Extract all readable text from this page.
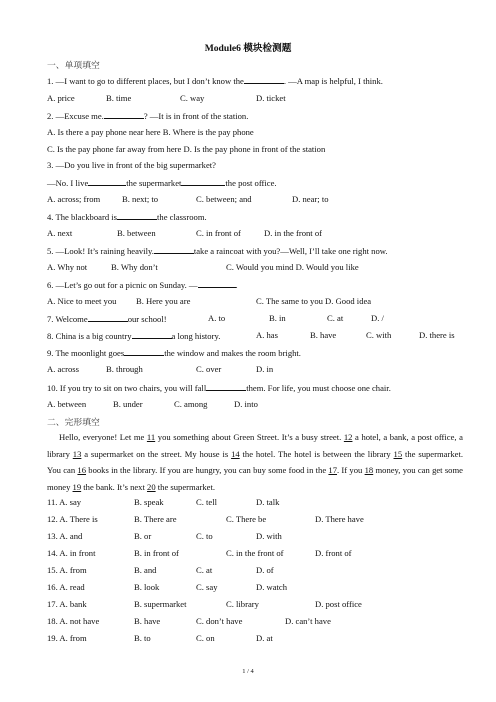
Module6 模块检测题
一、单项填空
1. —I want to go to different places, but I don’t know the	. —A map is helpful, I think.
A. price	B. time	C. way	D. ticket
2. —Excuse me.	? —It is in front of the station.
A. Is there a pay phone near here B. Where is the pay phone
C. Is the pay phone far away from here D. Is the pay phone in front of the station
3. —Do you live in front of the big supermarket?
—No. I live	the supermarket	the post office.
A. across; from	B. next; to	C. between; and	D. near; to
4. The blackboard is	the classroom.
A. next	B. between	C. in front of	D. in the front of
5. —Look! It’s raining heavily.	take a raincoat with you?—Well, I’ll take one right now.
A. Why not	B. Why don’t	C. Would you mind D. Would you like
6. —Let’s go out for a picnic on Sunday. —	.
A. Nice to meet you B. Here you are	C. The same to you D. Good idea
7. Welcome	our school!	A. to	B. in	C. at	D. /
8. China is a big country	a long history.	A. has	B. have	C. with	D. there is
9. The moonlight goes	the window and makes the room bright.
A. across	B. through	C. over	D. in
10. If you try to sit on two chairs, you will fall	them. For life, you must choose one chair.
A. between	B. under	C. among	D. into
二、完形填空
Hello, everyone! Let me 11 you something about Green Street. It’s a busy street. 12 a hotel, a bank, a post office, a library 13 a supermarket on the street. My house is 14 the hotel. The hotel is between the library 15 the supermarket. You can 16 books in the library. If you are hungry, you can buy some food in the 17. If you 18 money, you can get some money 19 the bank. It’s next 20 the supermarket.
11. A. say	B. speak	C. tell	D. talk
12. A. There is	B. There are	C. There be	D. There have
13. A. and	B. or	C. to	D. with
14. A. in front	B. in front of	C. in the front of	D. front of
15. A. from	B. and	C. at	D. of
16. A. read	B. look	C. say	D. watch
17. A. bank	B. supermarket	C. library	D. post office
18. A. not have	B. have	C. don’t have	D. can’t have
19. A. from	B. to	C. on	D. at
1 / 4
